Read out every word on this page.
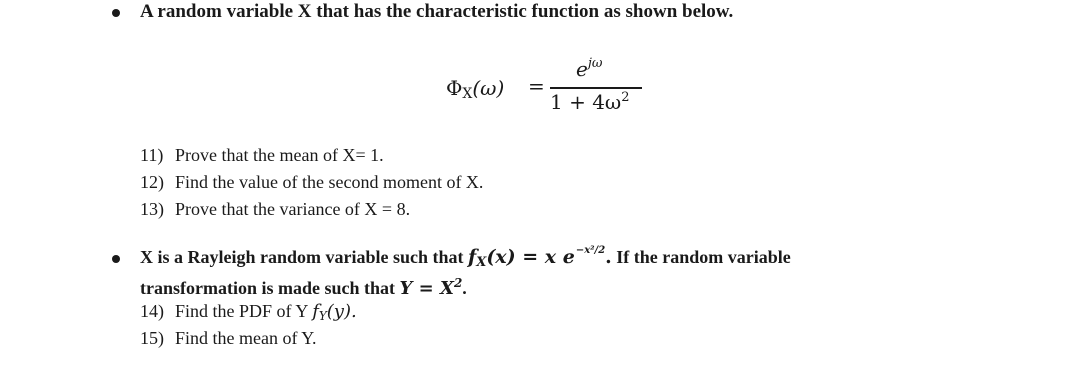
A random variable X that has the characteristic function as shown below.
$\Phi_X(\omega)$ =
$e^{j\omega}$
$1 + 4\omega^2$
11) Prove that the mean of X= 1.
12) Find the value of the second moment of X.
13) Prove that the variance of X = 8.
X is a Rayleigh random variable such that $f_X(x) = x$ $e^{-x^2/2}$. If the random variable
transformation is made such that $Y = X^2$.
14) Find the PDF of Y fY(y).
15) Find the mean of Y.
